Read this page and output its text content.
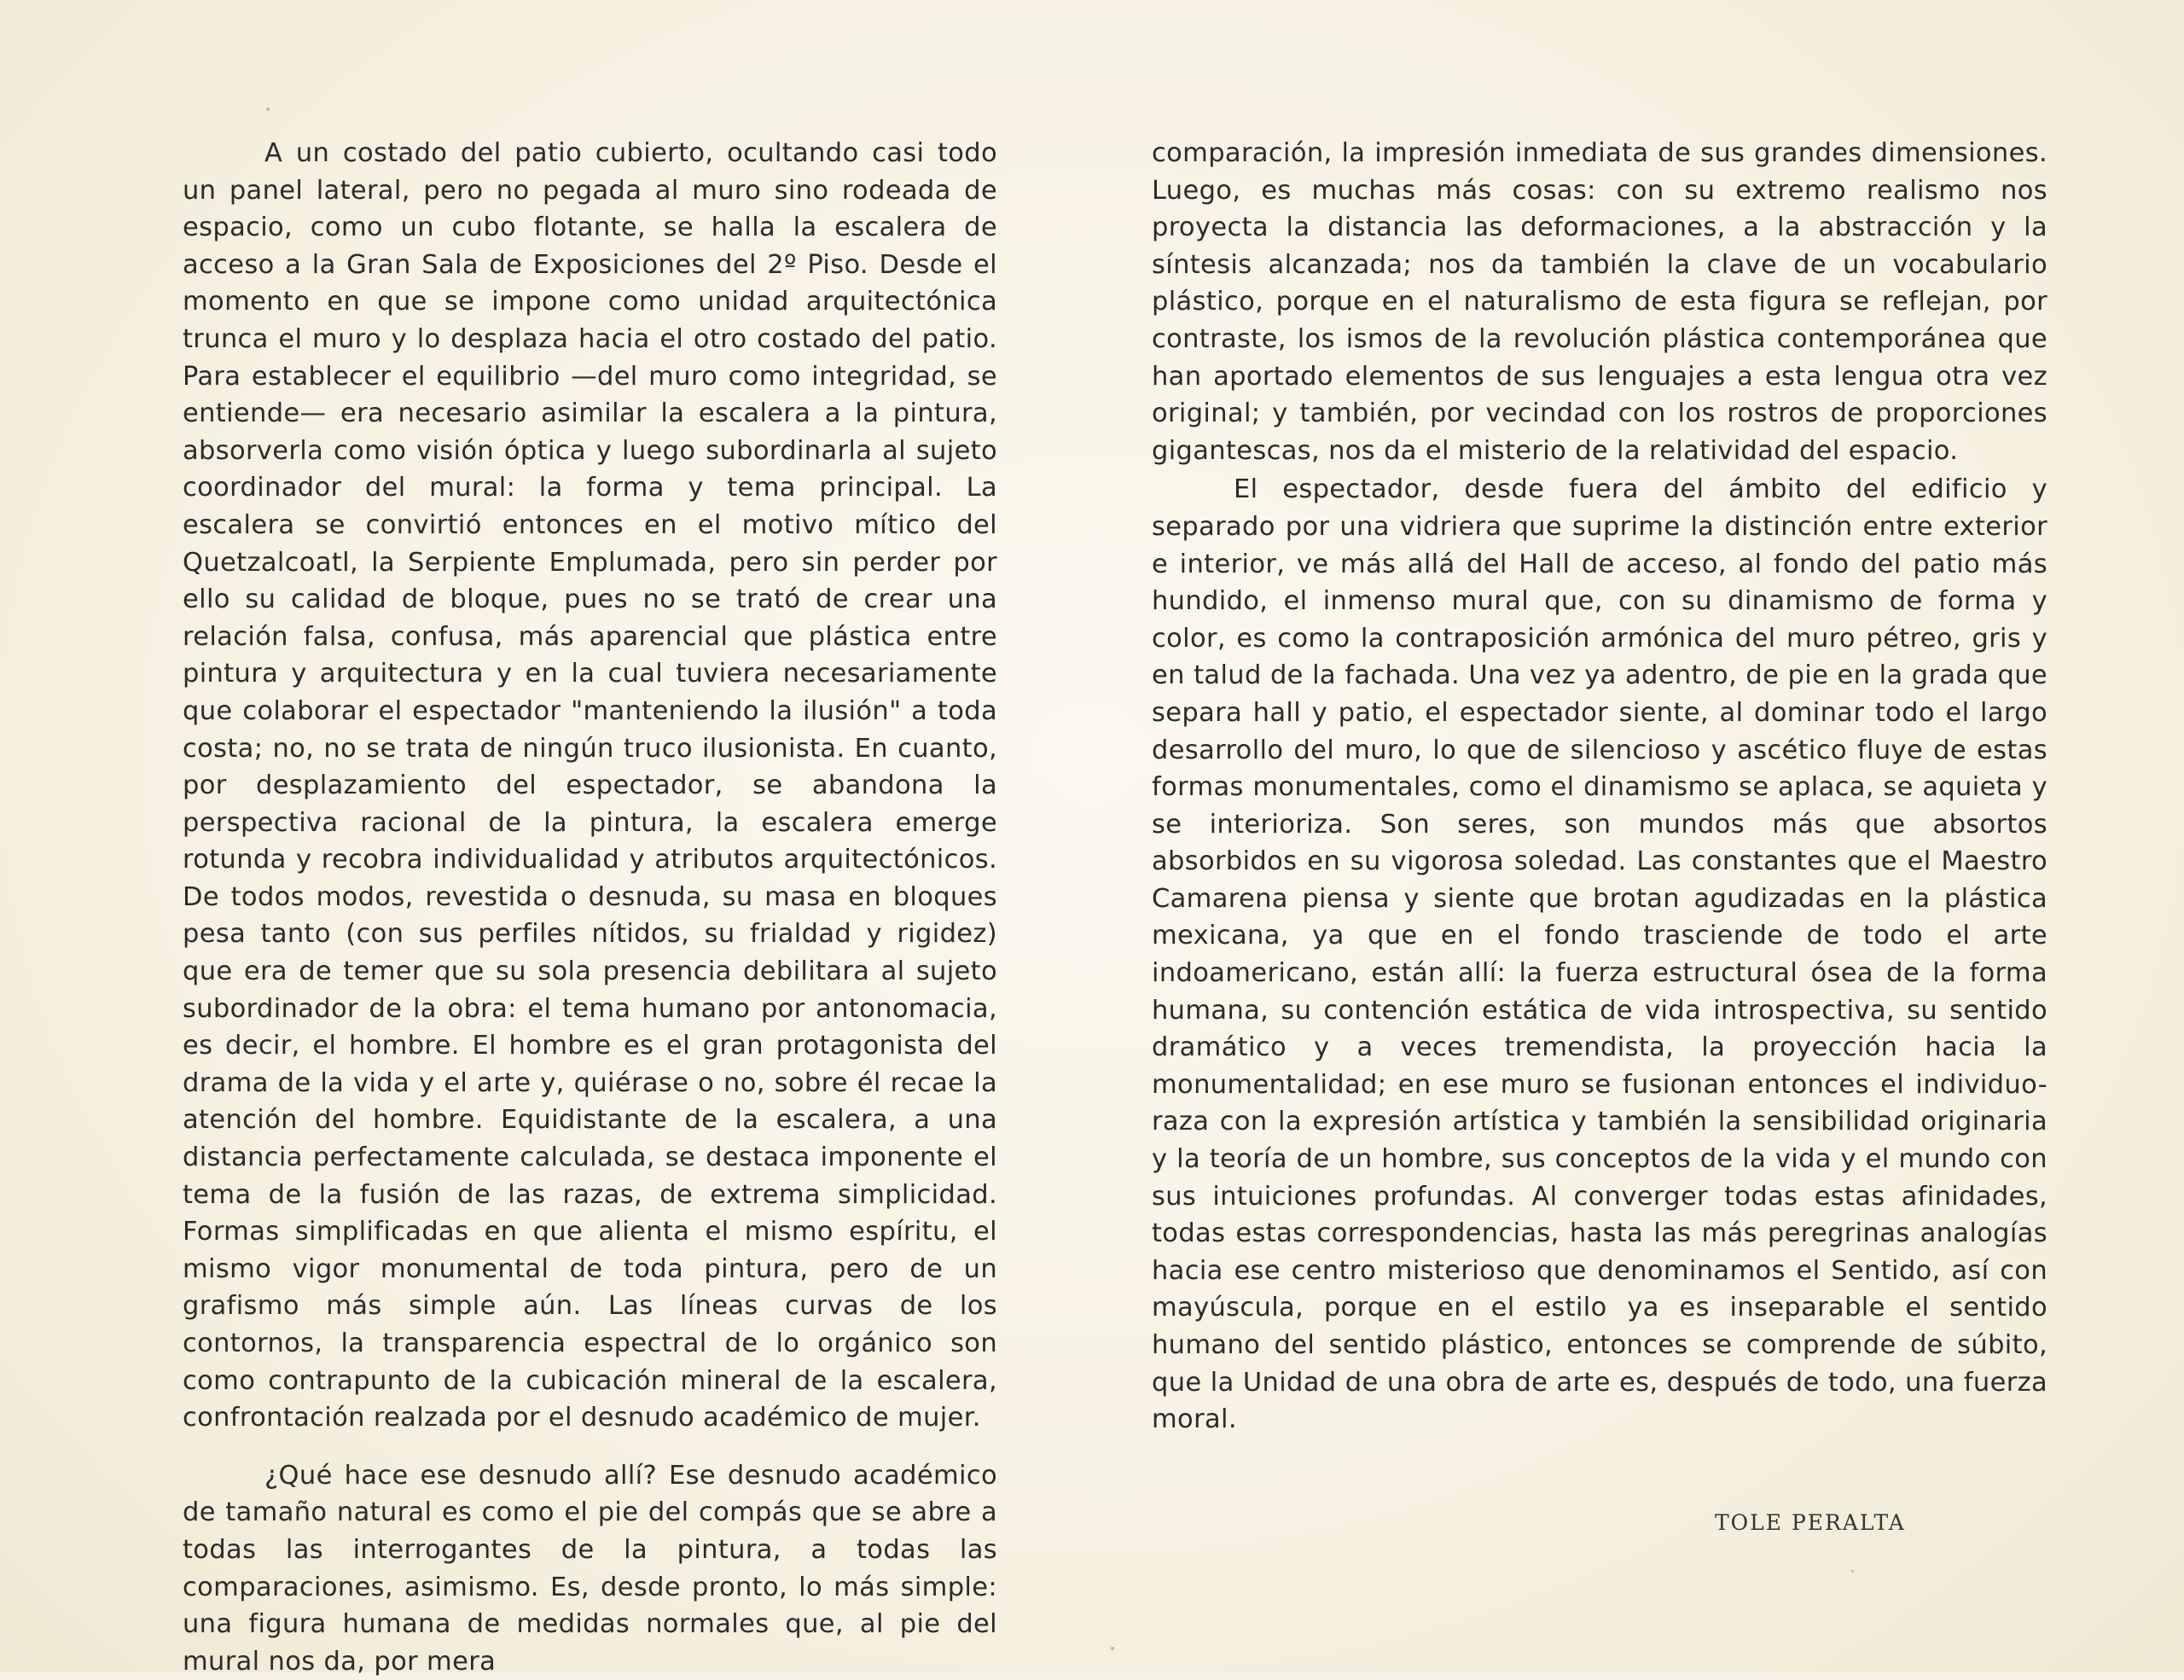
A un costado del patio cubierto, ocultando casi todo un panel lateral, pero no pegada al muro sino rodeada de espacio, como un cubo flotante, se halla la escalera de acceso a la Gran Sala de Exposiciones del 2º Piso. Desde el momento en que se impone como unidad arquitectónica trunca el muro y lo desplaza hacia el otro costado del patio. Para establecer el equilibrio —del muro como integridad, se entiende— era necesario asimilar la escalera a la pintura, absorverla como visión óptica y luego subordinarla al sujeto coordinador del mural: la forma y tema principal. La escalera se convirtió entonces en el motivo mítico del Quetzalcoatl, la Serpiente Emplumada, pero sin perder por ello su calidad de bloque, pues no se trató de crear una relación falsa, confusa, más aparencial que plástica entre pintura y arquitectura y en la cual tuviera necesariamente que colaborar el espectador "manteniendo la ilusión" a toda costa; no, no se trata de ningún truco ilusionista. En cuanto, por desplazamiento del espectador, se abandona la perspectiva racional de la pintura, la escalera emerge rotunda y recobra individualidad y atributos arquitectónicos. De todos modos, revestida o desnuda, su masa en bloques pesa tanto (con sus perfiles nítidos, su frialdad y rigidez) que era de temer que su sola presencia debilitara al sujeto subordinador de la obra: el tema humano por antonomacia, es decir, el hombre. El hombre es el gran protagonista del drama de la vida y el arte y, quiérase o no, sobre él recae la atención del hombre. Equidistante de la escalera, a una distancia perfectamente calculada, se destaca imponente el tema de la fusión de las razas, de extrema simplicidad. Formas simplificadas en que alienta el mismo espíritu, el mismo vigor monumental de toda pintura, pero de un grafismo más simple aún. Las líneas curvas de los contornos, la transparencia espectral de lo orgánico son como contrapunto de la cubicación mineral de la escalera, confrontación realzada por el desnudo académico de mujer.

¿Qué hace ese desnudo allí? Ese desnudo académico de tamaño natural es como el pie del compás que se abre a todas las interrogantes de la pintura, a todas las comparaciones, asimismo. Es, desde pronto, lo más simple: una figura humana de medidas normales que, al pie del mural nos da, por mera

comparación, la impresión inmediata de sus grandes dimensiones. Luego, es muchas más cosas: con su extremo realismo nos proyecta la distancia las deformaciones, a la abstracción y la síntesis alcanzada; nos da también la clave de un vocabulario plástico, porque en el naturalismo de esta figura se reflejan, por contraste, los ismos de la revolución plástica contemporánea que han aportado elementos de sus lenguajes a esta lengua otra vez original; y también, por vecindad con los rostros de proporciones gigantescas, nos da el misterio de la relatividad del espacio.

El espectador, desde fuera del ámbito del edificio y separado por una vidriera que suprime la distinción entre exterior e interior, ve más allá del Hall de acceso, al fondo del patio más hundido, el inmenso mural que, con su dinamismo de forma y color, es como la contraposición armónica del muro pétreo, gris y en talud de la fachada. Una vez ya adentro, de pie en la grada que separa hall y patio, el espectador siente, al dominar todo el largo desarrollo del muro, lo que de silencioso y ascético fluye de estas formas monumentales, como el dinamismo se aplaca, se aquieta y se interioriza. Son seres, son mundos más que absortos absorbidos en su vigorosa soledad. Las constantes que el Maestro Camarena piensa y siente que brotan agudizadas en la plástica mexicana, ya que en el fondo trasciende de todo el arte indoamericano, están allí: la fuerza estructural ósea de la forma humana, su contención estática de vida introspectiva, su sentido dramático y a veces tremendista, la proyección hacia la monumentalidad; en ese muro se fusionan entonces el individuo-raza con la expresión artística y también la sensibilidad originaria y la teoría de un hombre, sus conceptos de la vida y el mundo con sus intuiciones profundas. Al converger todas estas afinidades, todas estas correspondencias, hasta las más peregrinas analogías hacia ese centro misterioso que denominamos el Sentido, así con mayúscula, porque en el estilo ya es inseparable el sentido humano del sentido plástico, entonces se comprende de súbito, que la Unidad de una obra de arte es, después de todo, una fuerza moral.

TOLE PERALTA
